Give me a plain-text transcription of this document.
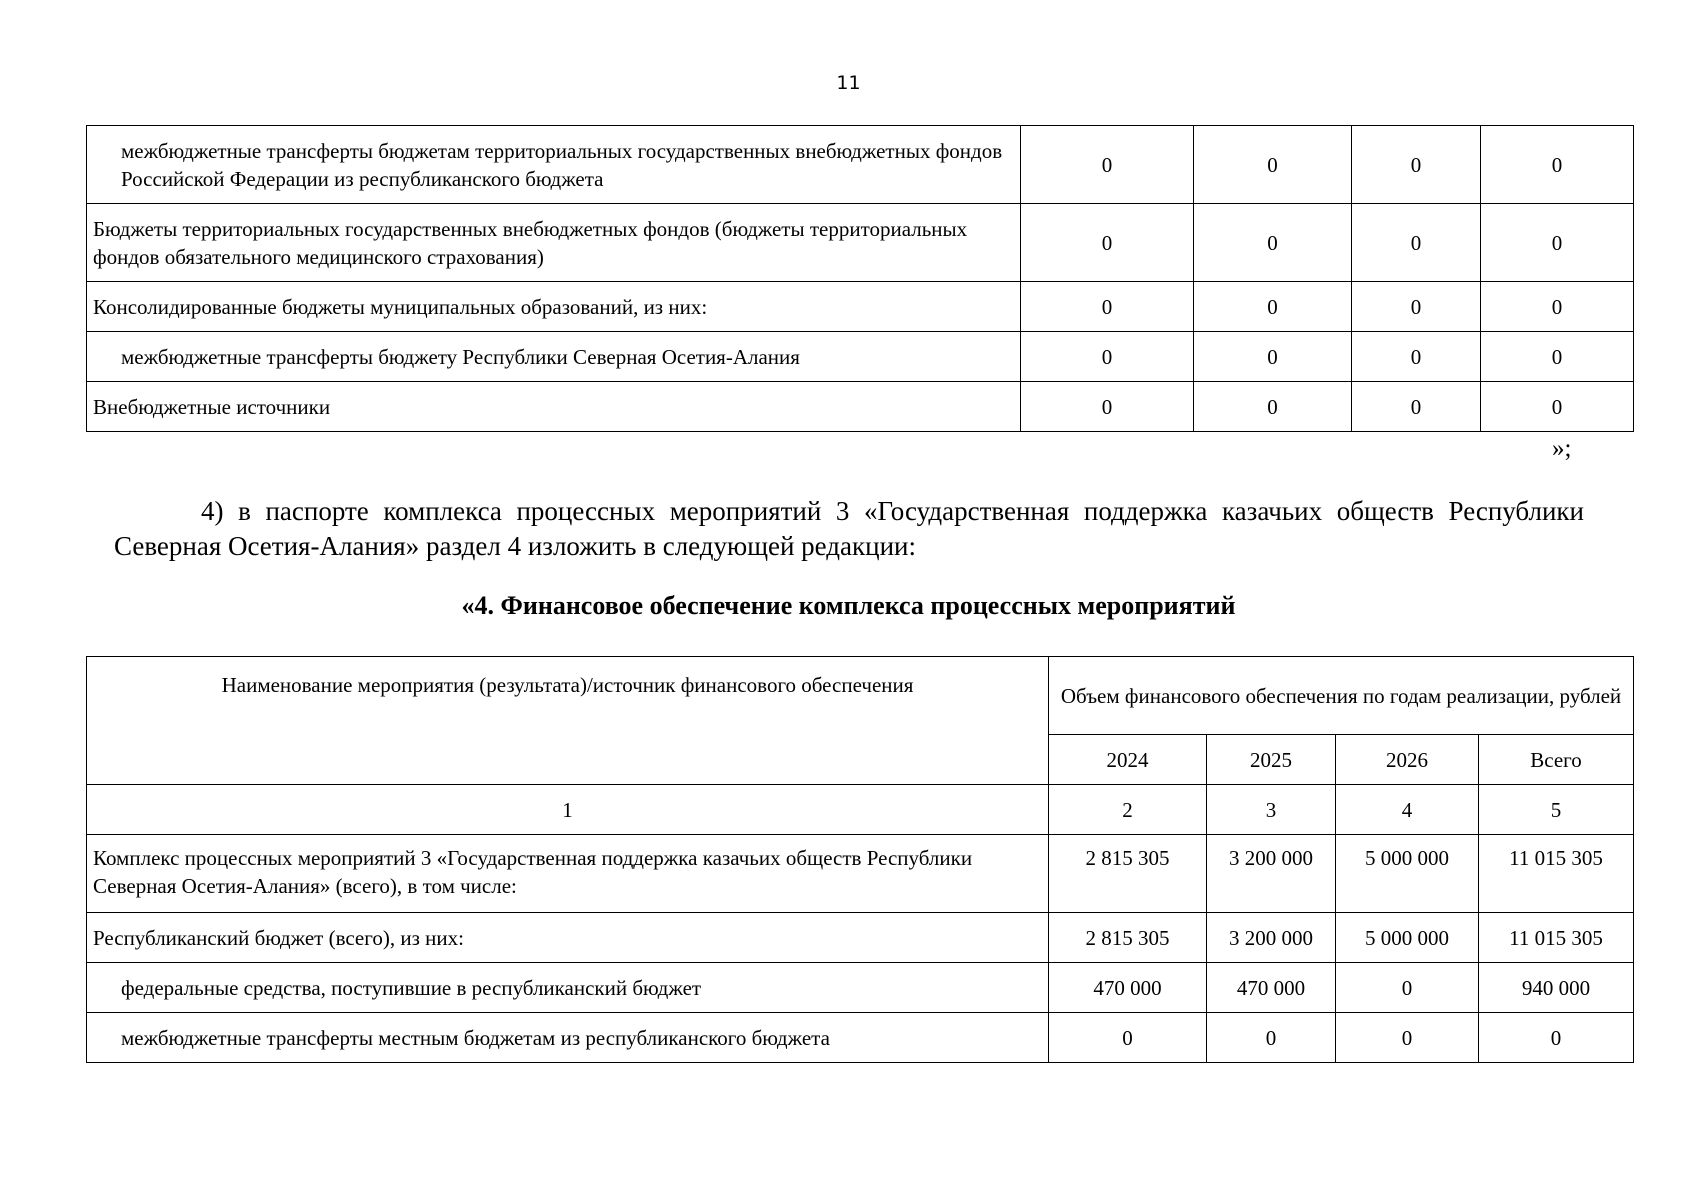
11
межбюджетные трансферты бюджетам территориальных государственных внебюджетных фондов Российской Федерации из республиканского бюджета	0	0	0	0
Бюджеты территориальных государственных внебюджетных фондов (бюджеты территориальных фондов обязательного медицинского страхования)	0	0	0	0
Консолидированные бюджеты муниципальных образований, из них:	0	0	0	0
межбюджетные трансферты бюджету Республики Северная Осетия-Алания	0	0	0	0
Внебюджетные источники	0	0	0	0
»;
4) в паспорте комплекса процессных мероприятий 3 «Государственная поддержка казачьих обществ Республики Северная Осетия-Алания» раздел 4 изложить в следующей редакции:
«4. Финансовое обеспечение комплекса процессных мероприятий
Наименование мероприятия (результата)/источник финансового обеспечения	Объем финансового обеспечения по годам реализации, рублей			
	2024	2025	2026	Всего
1	2	3	4	5
Комплекс процессных мероприятий 3 «Государственная поддержка казачьих обществ Республики Северная Осетия-Алания» (всего), в том числе:	2 815 305	3 200 000	5 000 000	11 015 305
Республиканский бюджет (всего), из них:	2 815 305	3 200 000	5 000 000	11 015 305
федеральные средства, поступившие в республиканский бюджет	470 000	470 000	0	940 000
межбюджетные трансферты местным бюджетам из республиканского бюджета	0	0	0	0
